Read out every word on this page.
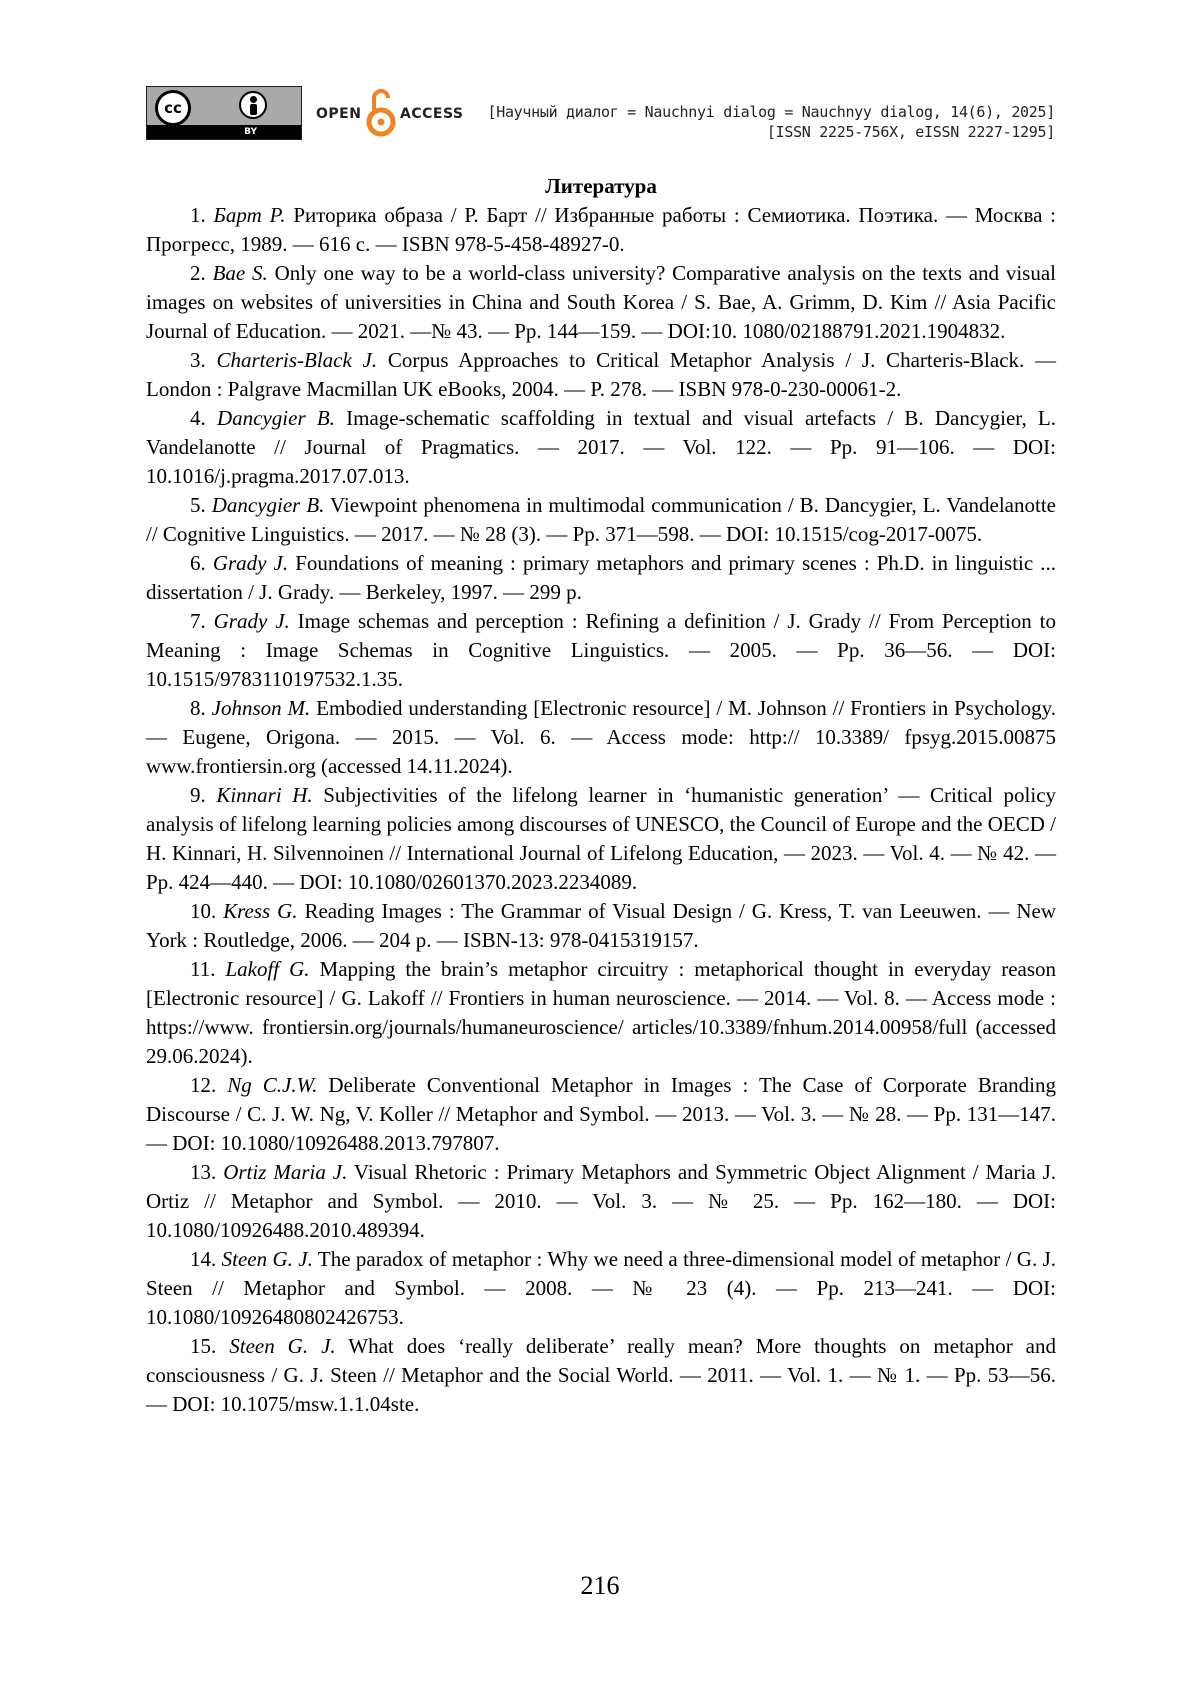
cc
BY
OPEN	ACCESS [Научный диалог = Nauchnyi dialog = Nauchnyy dialog, 14(6), 2025]
[ISSN 2225-756X, eISSN 2227-1295]
Литература

1. Барт Р. Риторика образа / Р. Барт // Избранные работы : Семиотика. Поэтика. — Москва : Прогресс, 1989. — 616 с. — ISBN 978-5-458-48927-0.

2. Bae S. Only one way to be a world-class university? Comparative analysis on the texts and visual images on websites of universities in China and South Korea / S. Bae, A. Grimm, D. Kim // Asia Pacific Journal of Education. — 2021. —№ 43. — Pp. 144—159. — DOI:10. 1080/02188791.2021.1904832.

3. Charteris-Black J. Corpus Approaches to Critical Metaphor Analysis / J. Charteris-Black. — London : Palgrave Macmillan UK eBooks, 2004. — P. 278. — ISBN 978-0-230-00061-2.

4. Dancygier B. Image-schematic scaffolding in textual and visual artefacts / B. Dancygier, L. Vandelanotte // Journal of Pragmatics. — 2017. — Vol. 122. — Pp. 91—106. — DOI: 10.1016/j.pragma.2017.07.013.

5. Dancygier B. Viewpoint phenomena in multimodal communication / B. Dancygier, L. Vandelanotte // Cognitive Linguistics. — 2017. — № 28 (3). — Pp. 371—598. — DOI: 10.1515/cog-2017-0075.

6. Grady J. Foundations of meaning : primary metaphors and primary scenes : Ph.D. in linguistic ... dissertation / J. Grady. — Berkeley, 1997. — 299 p.

7. Grady J. Image schemas and perception : Refining a definition / J. Grady // From Perception to Meaning : Image Schemas in Cognitive Linguistics. — 2005. — Pp. 36—56. — DOI: 10.1515/9783110197532.1.35.

8. Johnson M. Embodied understanding [Electronic resource] / M. Johnson // Frontiers in Psychology. — Eugene, Origona. — 2015. — Vol. 6. — Access mode: http:// 10.3389/ fpsyg.2015.00875 www.frontiersin.org (accessed 14.11.2024).

9. Kinnari H. Subjectivities of the lifelong learner in ‘humanistic generation’ — Critical policy analysis of lifelong learning policies among discourses of UNESCO, the Council of Europe and the OECD / H. Kinnari, H. Silvennoinen // International Journal of Lifelong Education, — 2023. — Vol. 4. — № 42. — Pp. 424—440. — DOI: 10.1080/02601370.2023.2234089.

10. Kress G. Reading Images : The Grammar of Visual Design / G. Kress, T. van Leeuwen. — New York : Routledge, 2006. — 204 p. — ISBN-13: 978-0415319157.

11. Lakoff G. Mapping the brain’s metaphor circuitry : metaphorical thought in everyday reason [Electronic resource] / G. Lakoff // Frontiers in human neuroscience. — 2014. — Vol. 8. — Access mode : https://www. frontiersin.org/journals/humaneuroscience/ articles/10.3389/fnhum.2014.00958/full (accessed 29.06.2024).

12. Ng C.J.W. Deliberate Conventional Metaphor in Images : The Case of Corporate Branding Discourse / C. J. W. Ng, V. Koller // Metaphor and Symbol. — 2013. — Vol. 3. — № 28. — Pp. 131—147. — DOI: 10.1080/10926488.2013.797807.

13. Ortiz Maria J. Visual Rhetoric : Primary Metaphors and Symmetric Object Alignment / Maria J. Ortiz // Metaphor and Symbol. — 2010. — Vol. 3. — № 25. — Pp. 162—180. — DOI: 10.1080/10926488.2010.489394.

14. Steen G. J. The paradox of metaphor : Why we need a three-dimensional model of metaphor / G. J. Steen // Metaphor and Symbol. — 2008. — № 23 (4). — Pp. 213—241. — DOI: 10.1080/10926480802426753.

15. Steen G. J. What does ‘really deliberate’ really mean? More thoughts on metaphor and consciousness / G. J. Steen // Metaphor and the Social World. — 2011. — Vol. 1. — № 1. — Pp. 53—56. — DOI: 10.1075/msw.1.1.04ste.

216
